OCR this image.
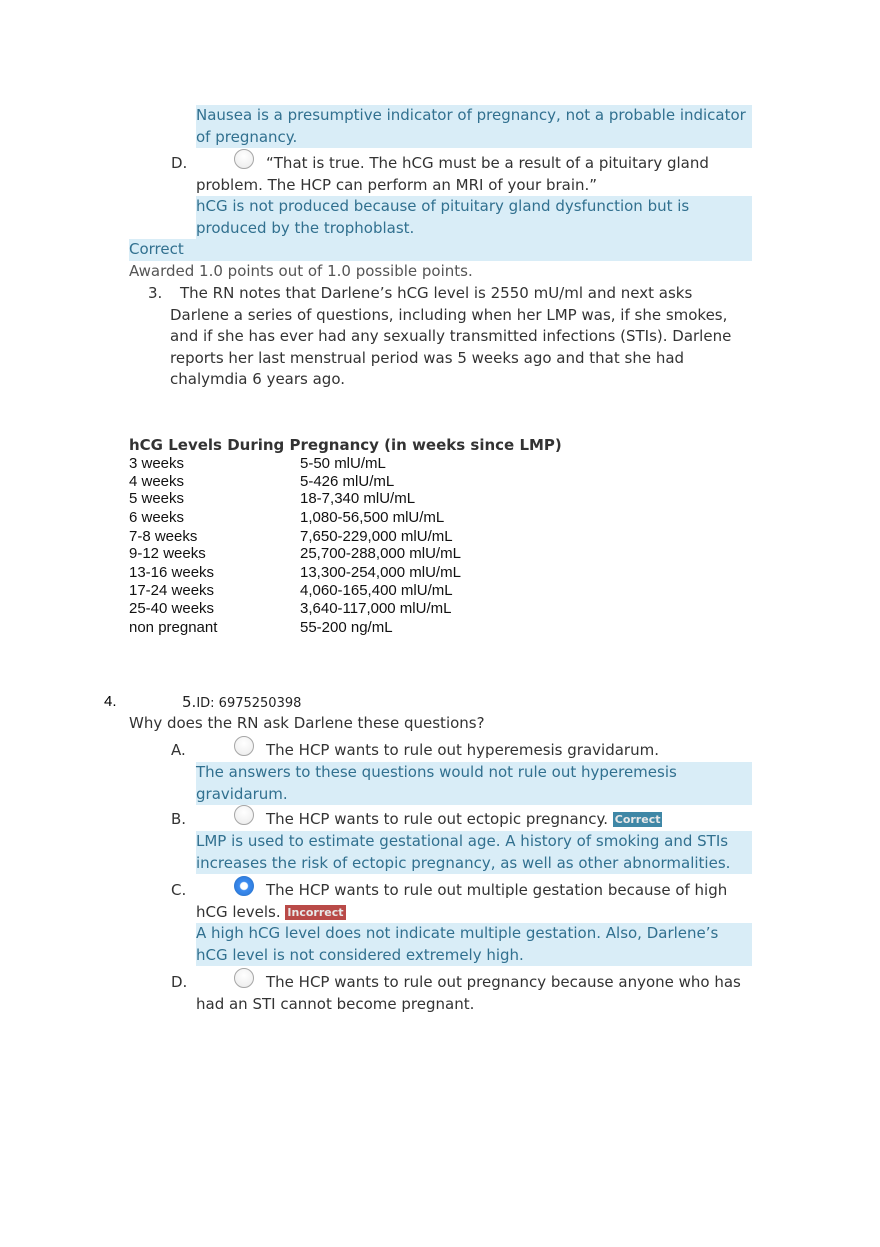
Nausea is a presumptive indicator of pregnancy, not a probable indicator of pregnancy.
D.	“That is true. The hCG must be a result of a pituitary gland problem. The HCP can perform an MRI of your brain.”
hCG is not produced because of pituitary gland dysfunction but is produced by the trophoblast.
Correct
Awarded 1.0 points out of 1.0 possible points.
3.	The RN notes that Darlene’s hCG level is 2550 mU/ml and next asks Darlene a series of questions, including when her LMP was, if she smokes, and if she has ever had any sexually transmitted infections (STIs). Darlene reports her last menstrual period was 5 weeks ago and that she had chalymdia 6 years ago.
hCG Levels During Pregnancy (in weeks since LMP)
3 weeks	5-50 mlU/mL
4 weeks	5-426 mlU/mL
5 weeks	18-7,340 mlU/mL
6 weeks	1,080-56,500 mlU/mL
7-8 weeks	7,650-229,000 mlU/mL
9-12 weeks	25,700-288,000 mlU/mL
13-16 weeks	13,300-254,000 mlU/mL
17-24 weeks	4,060-165,400 mlU/mL
25-40 weeks	3,640-117,000 mlU/mL
non pregnant	55-200 ng/mL
4.	5.ID: 6975250398
Why does the RN ask Darlene these questions?
A.	The HCP wants to rule out hyperemesis gravidarum.
The answers to these questions would not rule out hyperemesis gravidarum.
B.	The HCP wants to rule out ectopic pregnancy. Correct
LMP is used to estimate gestational age. A history of smoking and STIs increases the risk of ectopic pregnancy, as well as other abnormalities.
C.	The HCP wants to rule out multiple gestation because of high hCG levels. Incorrect
A high hCG level does not indicate multiple gestation. Also, Darlene’s hCG level is not considered extremely high.
D.	The HCP wants to rule out pregnancy because anyone who has had an STI cannot become pregnant.
